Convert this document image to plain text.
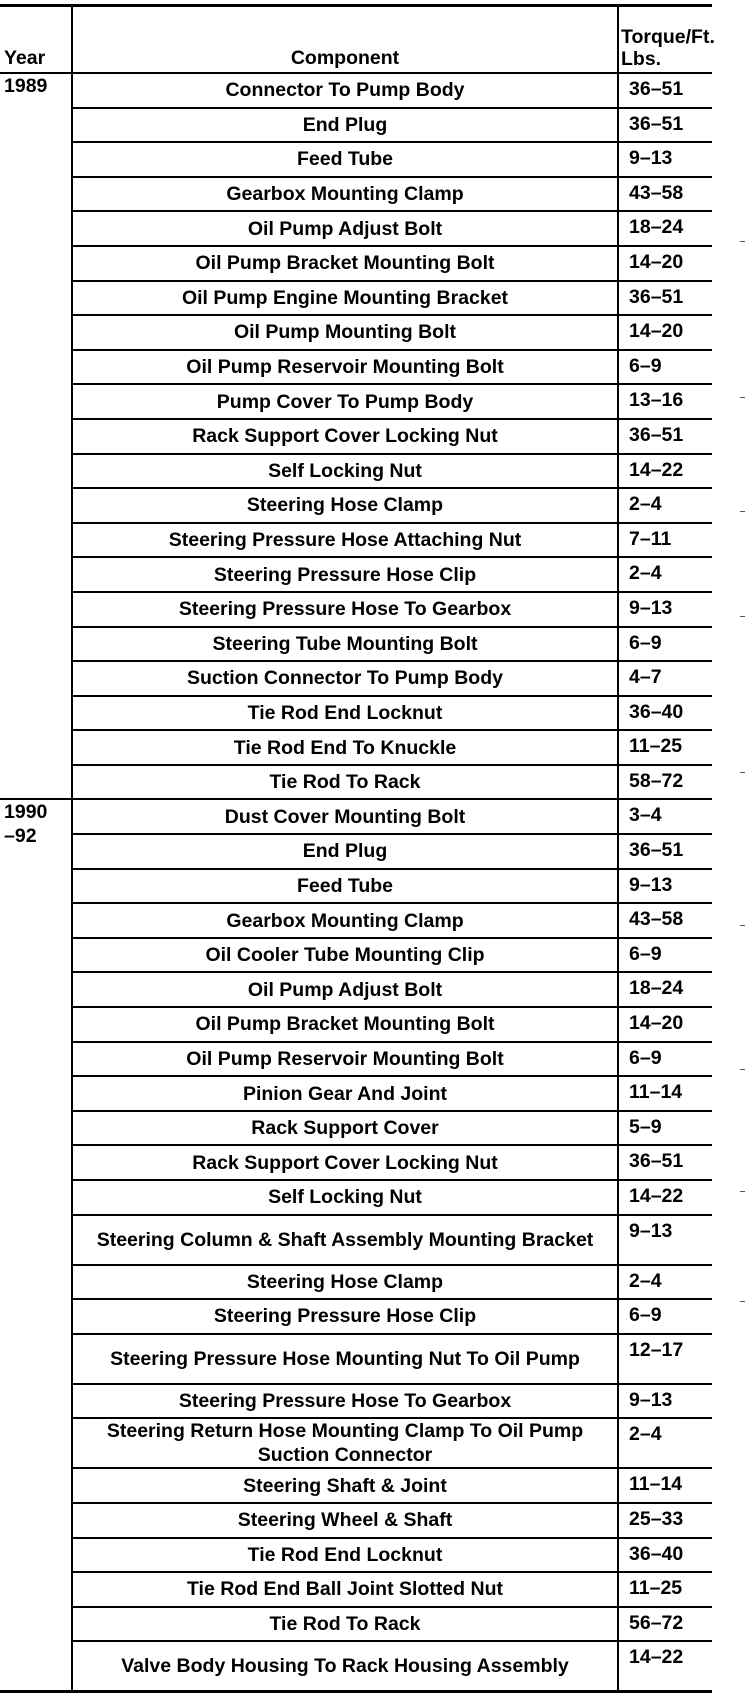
Year	Component	Torque/Ft.
Lbs.

1989	Connector To Pump Body	36–51
	End Plug	36–51
	Feed Tube	9–13
	Gearbox Mounting Clamp	43–58
	Oil Pump Adjust Bolt	18–24
	Oil Pump Bracket Mounting Bolt	14–20
	Oil Pump Engine Mounting Bracket	36–51
	Oil Pump Mounting Bolt	14–20
	Oil Pump Reservoir Mounting Bolt	6–9
	Pump Cover To Pump Body	13–16
	Rack Support Cover Locking Nut	36–51
	Self Locking Nut	14–22
	Steering Hose Clamp	2–4
	Steering Pressure Hose Attaching Nut	7–11
	Steering Pressure Hose Clip	2–4
	Steering Pressure Hose To Gearbox	9–13
	Steering Tube Mounting Bolt	6–9
	Suction Connector To Pump Body	4–7
	Tie Rod End Locknut	36–40
	Tie Rod End To Knuckle	11–25
	Tie Rod To Rack	58–72

1990
–92	Dust Cover Mounting Bolt	3–4
	End Plug	36–51
	Feed Tube	9–13
	Gearbox Mounting Clamp	43–58
	Oil Cooler Tube Mounting Clip	6–9
	Oil Pump Adjust Bolt	18–24
	Oil Pump Bracket Mounting Bolt	14–20
	Oil Pump Reservoir Mounting Bolt	6–9
	Pinion Gear And Joint	11–14
	Rack Support Cover	5–9
	Rack Support Cover Locking Nut	36–51
	Self Locking Nut	14–22
	Steering Column & Shaft Assembly Mounting Bracket	9–13
	Steering Hose Clamp	2–4
	Steering Pressure Hose Clip	6–9
	Steering Pressure Hose Mounting Nut To Oil Pump	12–17
	Steering Pressure Hose To Gearbox	9–13
	Steering Return Hose Mounting Clamp To Oil Pump Suction Connector	2–4
	Steering Shaft & Joint	11–14
	Steering Wheel & Shaft	25–33
	Tie Rod End Locknut	36–40
	Tie Rod End Ball Joint Slotted Nut	11–25
	Tie Rod To Rack	56–72
	Valve Body Housing To Rack Housing Assembly	14–22
